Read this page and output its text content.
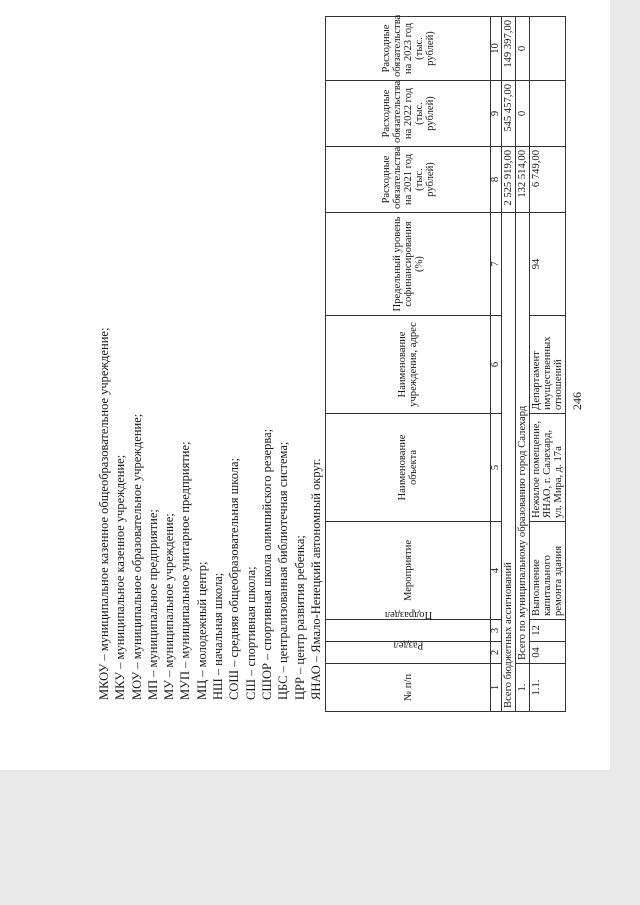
246
МКОУ – муниципальное казенное общеобразовательное учреждение; МКУ – муниципальное казенное учреждение; МОУ – муниципальное образовательное учреждение; МП – муниципальное предприятие; МУ – муниципальное учреждение; МУП – муниципальное унитарное предприятие; МЦ – молодежный центр; НШ – начальная школа; СОШ – средняя общеобразовательная школа; СШ – спортивная школа; СШОР – спортивная школа олимпийского резерва; ЦБС – централизованная библиотечная система; ЦРР – центр развития ребенка; ЯНАО – Ямало-Ненецкий автономный округ.	№ п/п	Раздел	Подраздел	Мероприятие	Наименование объекта	Наименование учреждения, адрес	Предельный уровень софинансирования (%)	Расходные обязательства на 2021 год (тыс. рублей)	Расходные обязательства на 2022 год (тыс. рублей)	Расходные обязательства на 2023 год (тыс. рублей)
1	2	3	4	5	6	7	8	9	10
Всего бюджетных ассигнований							2 525 919,00	545 457,00	149 397,00
1.	Всего по муниципальному образованию город Салехард						132 514,00	0	0
1.1.	04	12	Выполнение капитального ремонта здания	Нежилое помещение, ЯНАО, г. Салехард, ул. Мира, д. 17а	Департамент имущественных отношений	94	6 749,00		
